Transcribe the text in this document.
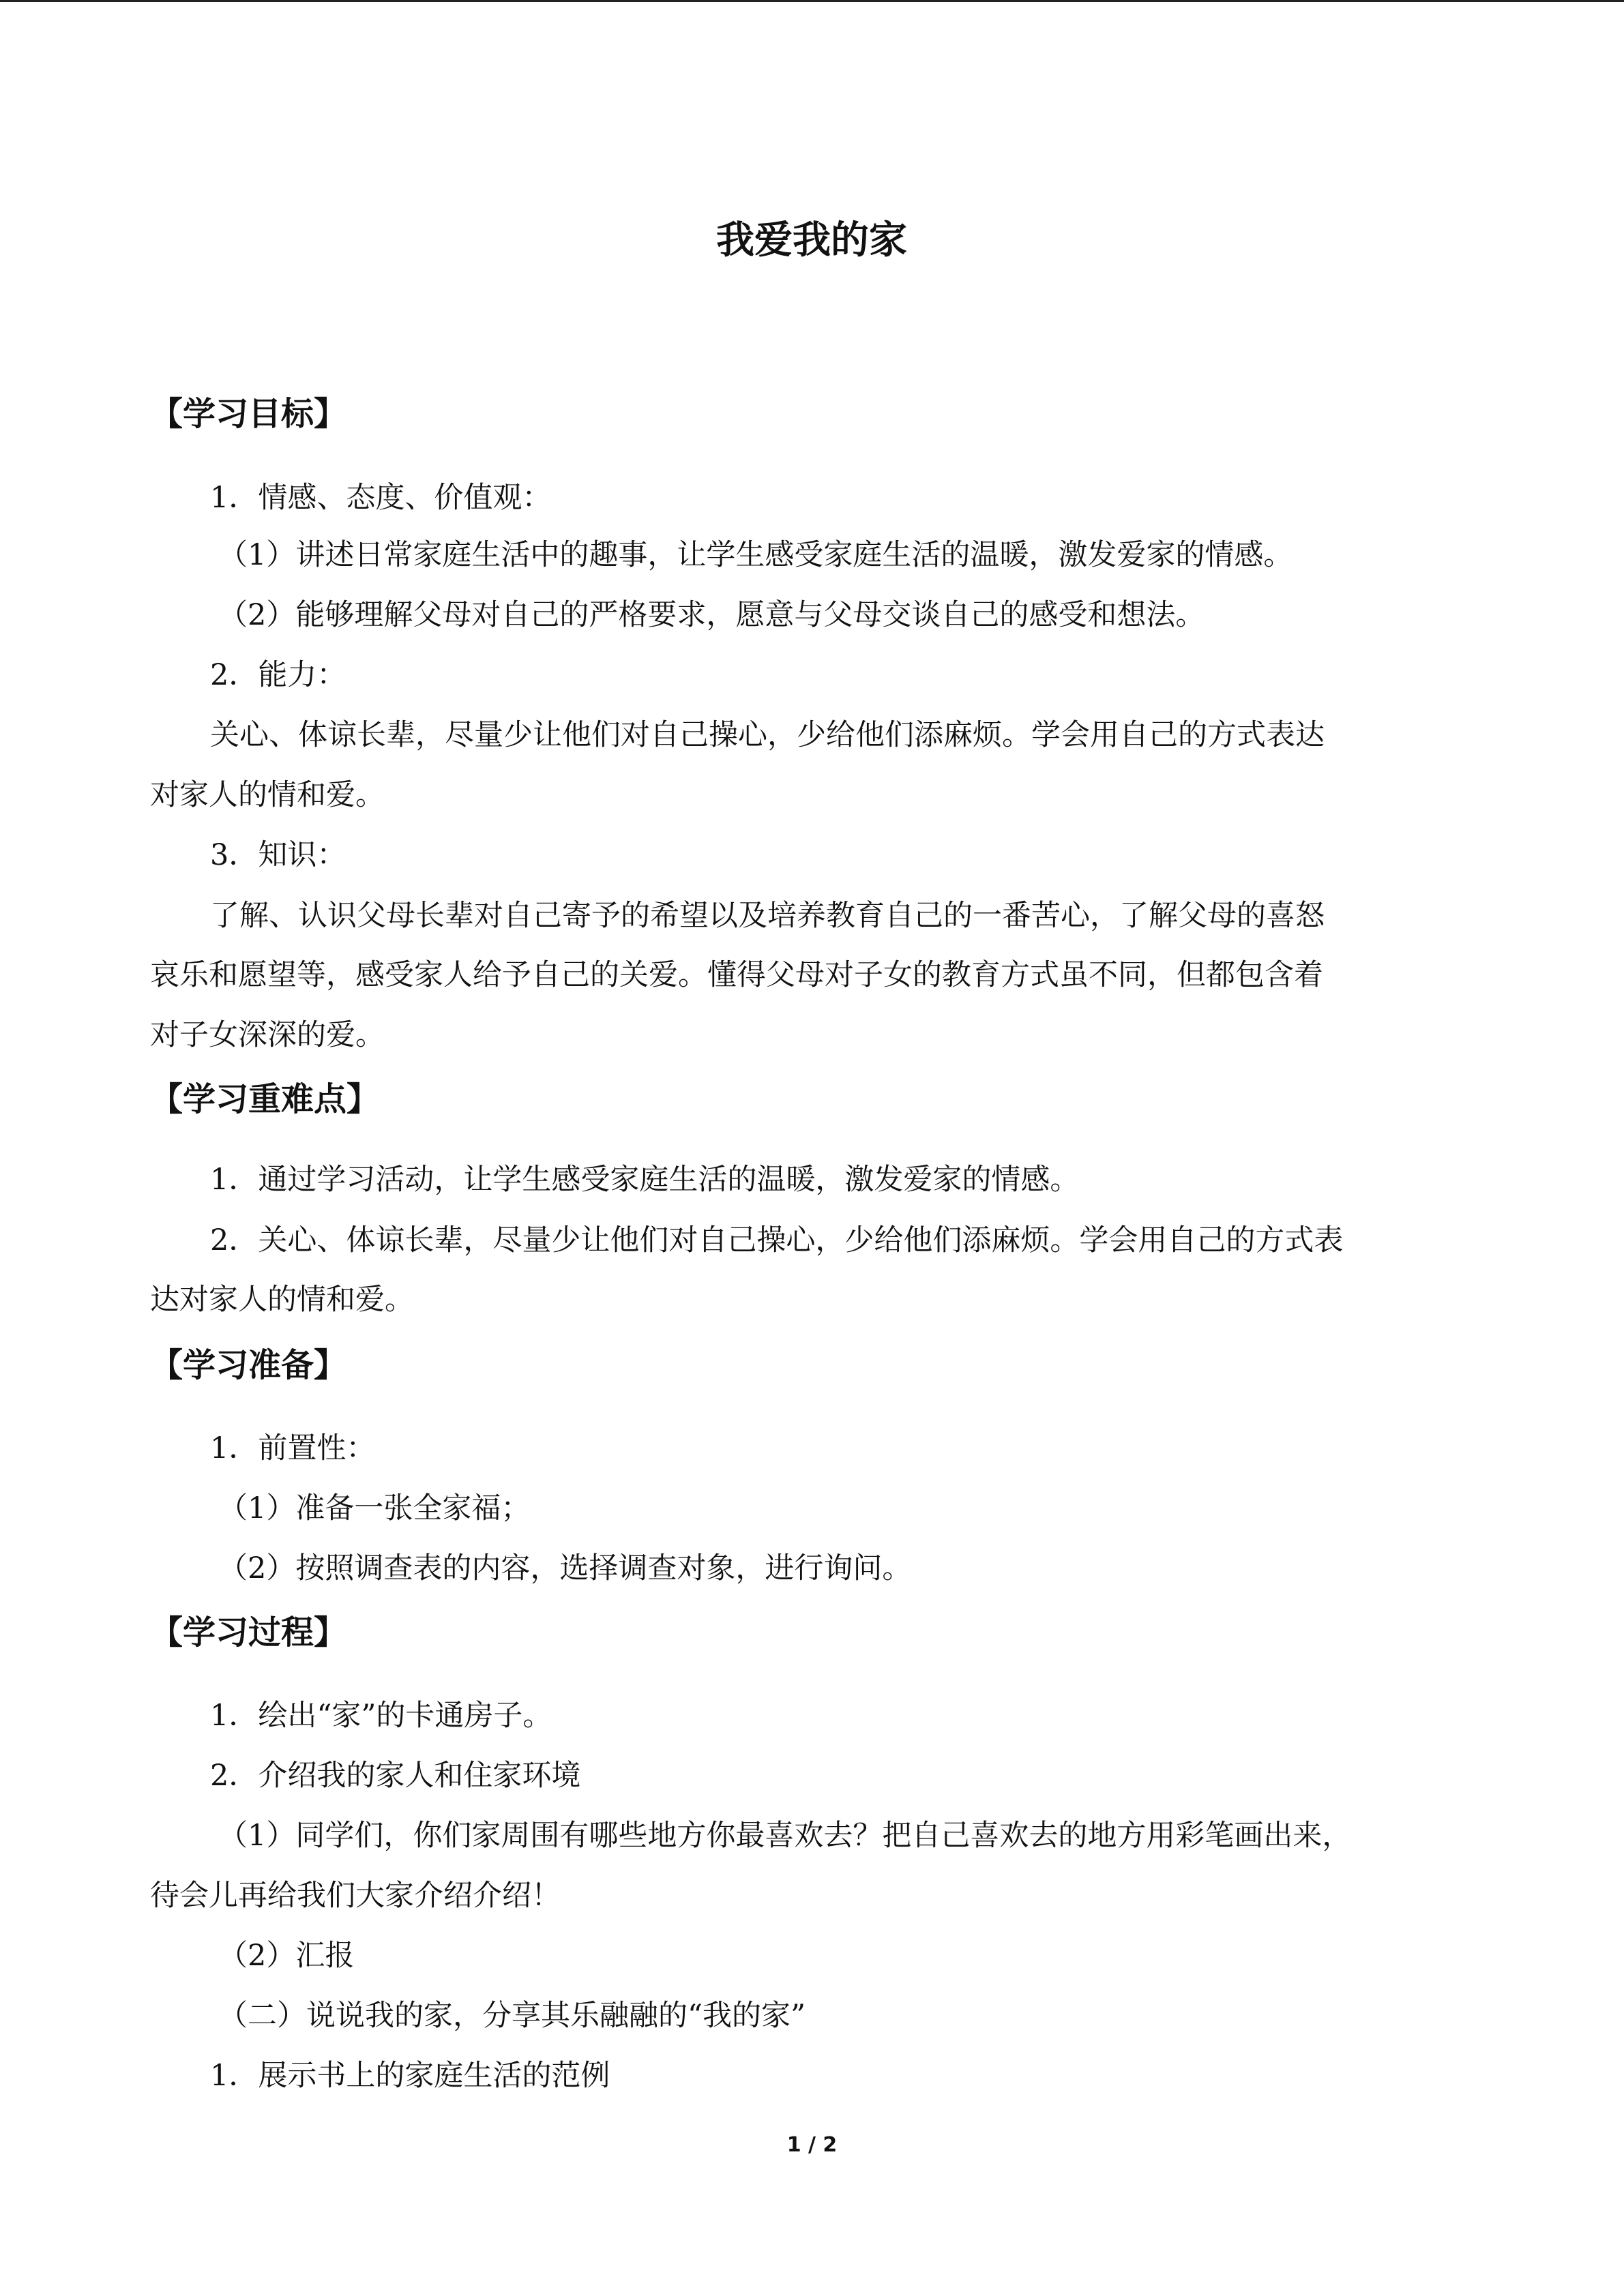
我爱我的家
【学习目标】

1．情感、态度、价值观：

（1）讲述日常家庭生活中的趣事，让学生感受家庭生活的温暖，激发爱家的情感。

（2）能够理解父母对自己的严格要求，愿意与父母交谈自己的感受和想法。

2．能力：

关心、体谅长辈，尽量少让他们对自己操心，少给他们添麻烦。学会用自己的方式表达

对家人的情和爱。

3．知识：

了解、认识父母长辈对自己寄予的希望以及培养教育自己的一番苦心，了解父母的喜怒

哀乐和愿望等，感受家人给予自己的关爱。懂得父母对子女的教育方式虽不同，但都包含着

对子女深深的爱。

【学习重难点】

1．通过学习活动，让学生感受家庭生活的温暖，激发爱家的情感。

2．关心、体谅长辈，尽量少让他们对自己操心，少给他们添麻烦。学会用自己的方式表

达对家人的情和爱。

【学习准备】

1．前置性：

（1）准备一张全家福；

（2）按照调查表的内容，选择调查对象，进行询问。

【学习过程】

1．绘出“家”的卡通房子。

2．介绍我的家人和住家环境

（1）同学们，你们家周围有哪些地方你最喜欢去？把自己喜欢去的地方用彩笔画出来，

待会儿再给我们大家介绍介绍！

（2）汇报

（二）说说我的家，分享其乐融融的“我的家”

1．展示书上的家庭生活的范例

1 / 2
